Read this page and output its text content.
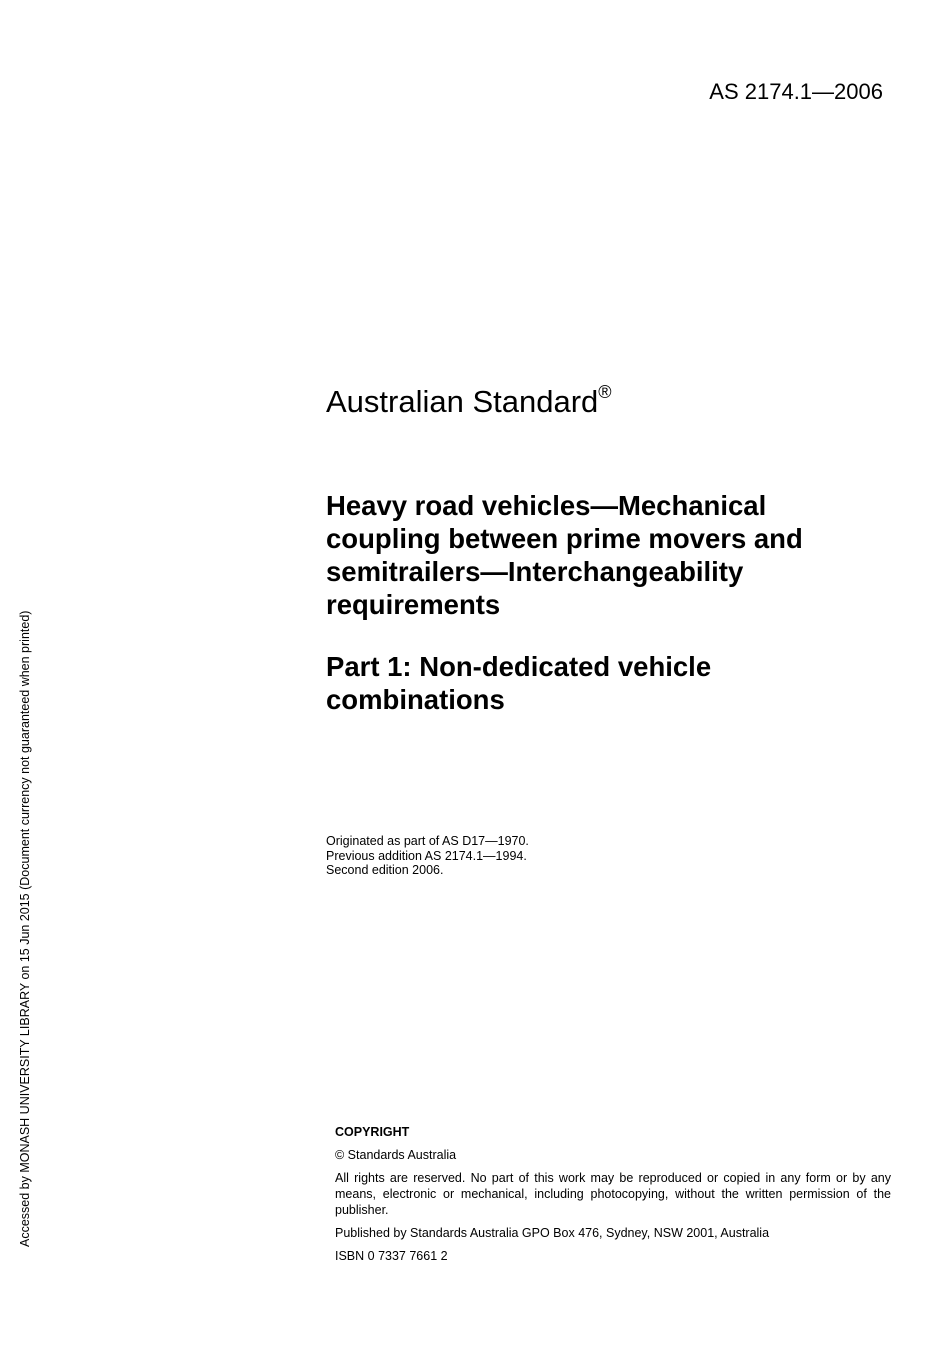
AS 2174.1—2006
Accessed by MONASH UNIVERSITY LIBRARY on 15 Jun 2015 (Document currency not guaranteed when printed)
Australian Standard®
Heavy road vehicles—Mechanical coupling between prime movers and semitrailers—Interchangeability requirements
Part 1: Non-dedicated vehicle combinations
Originated as part of AS D17—1970.
Previous addition AS 2174.1—1994.
Second edition 2006.
COPYRIGHT
© Standards Australia
All rights are reserved. No part of this work may be reproduced or copied in any form or by any means, electronic or mechanical, including photocopying, without the written permission of the publisher.
Published by Standards Australia GPO Box 476, Sydney, NSW 2001, Australia
ISBN 0 7337 7661 2
